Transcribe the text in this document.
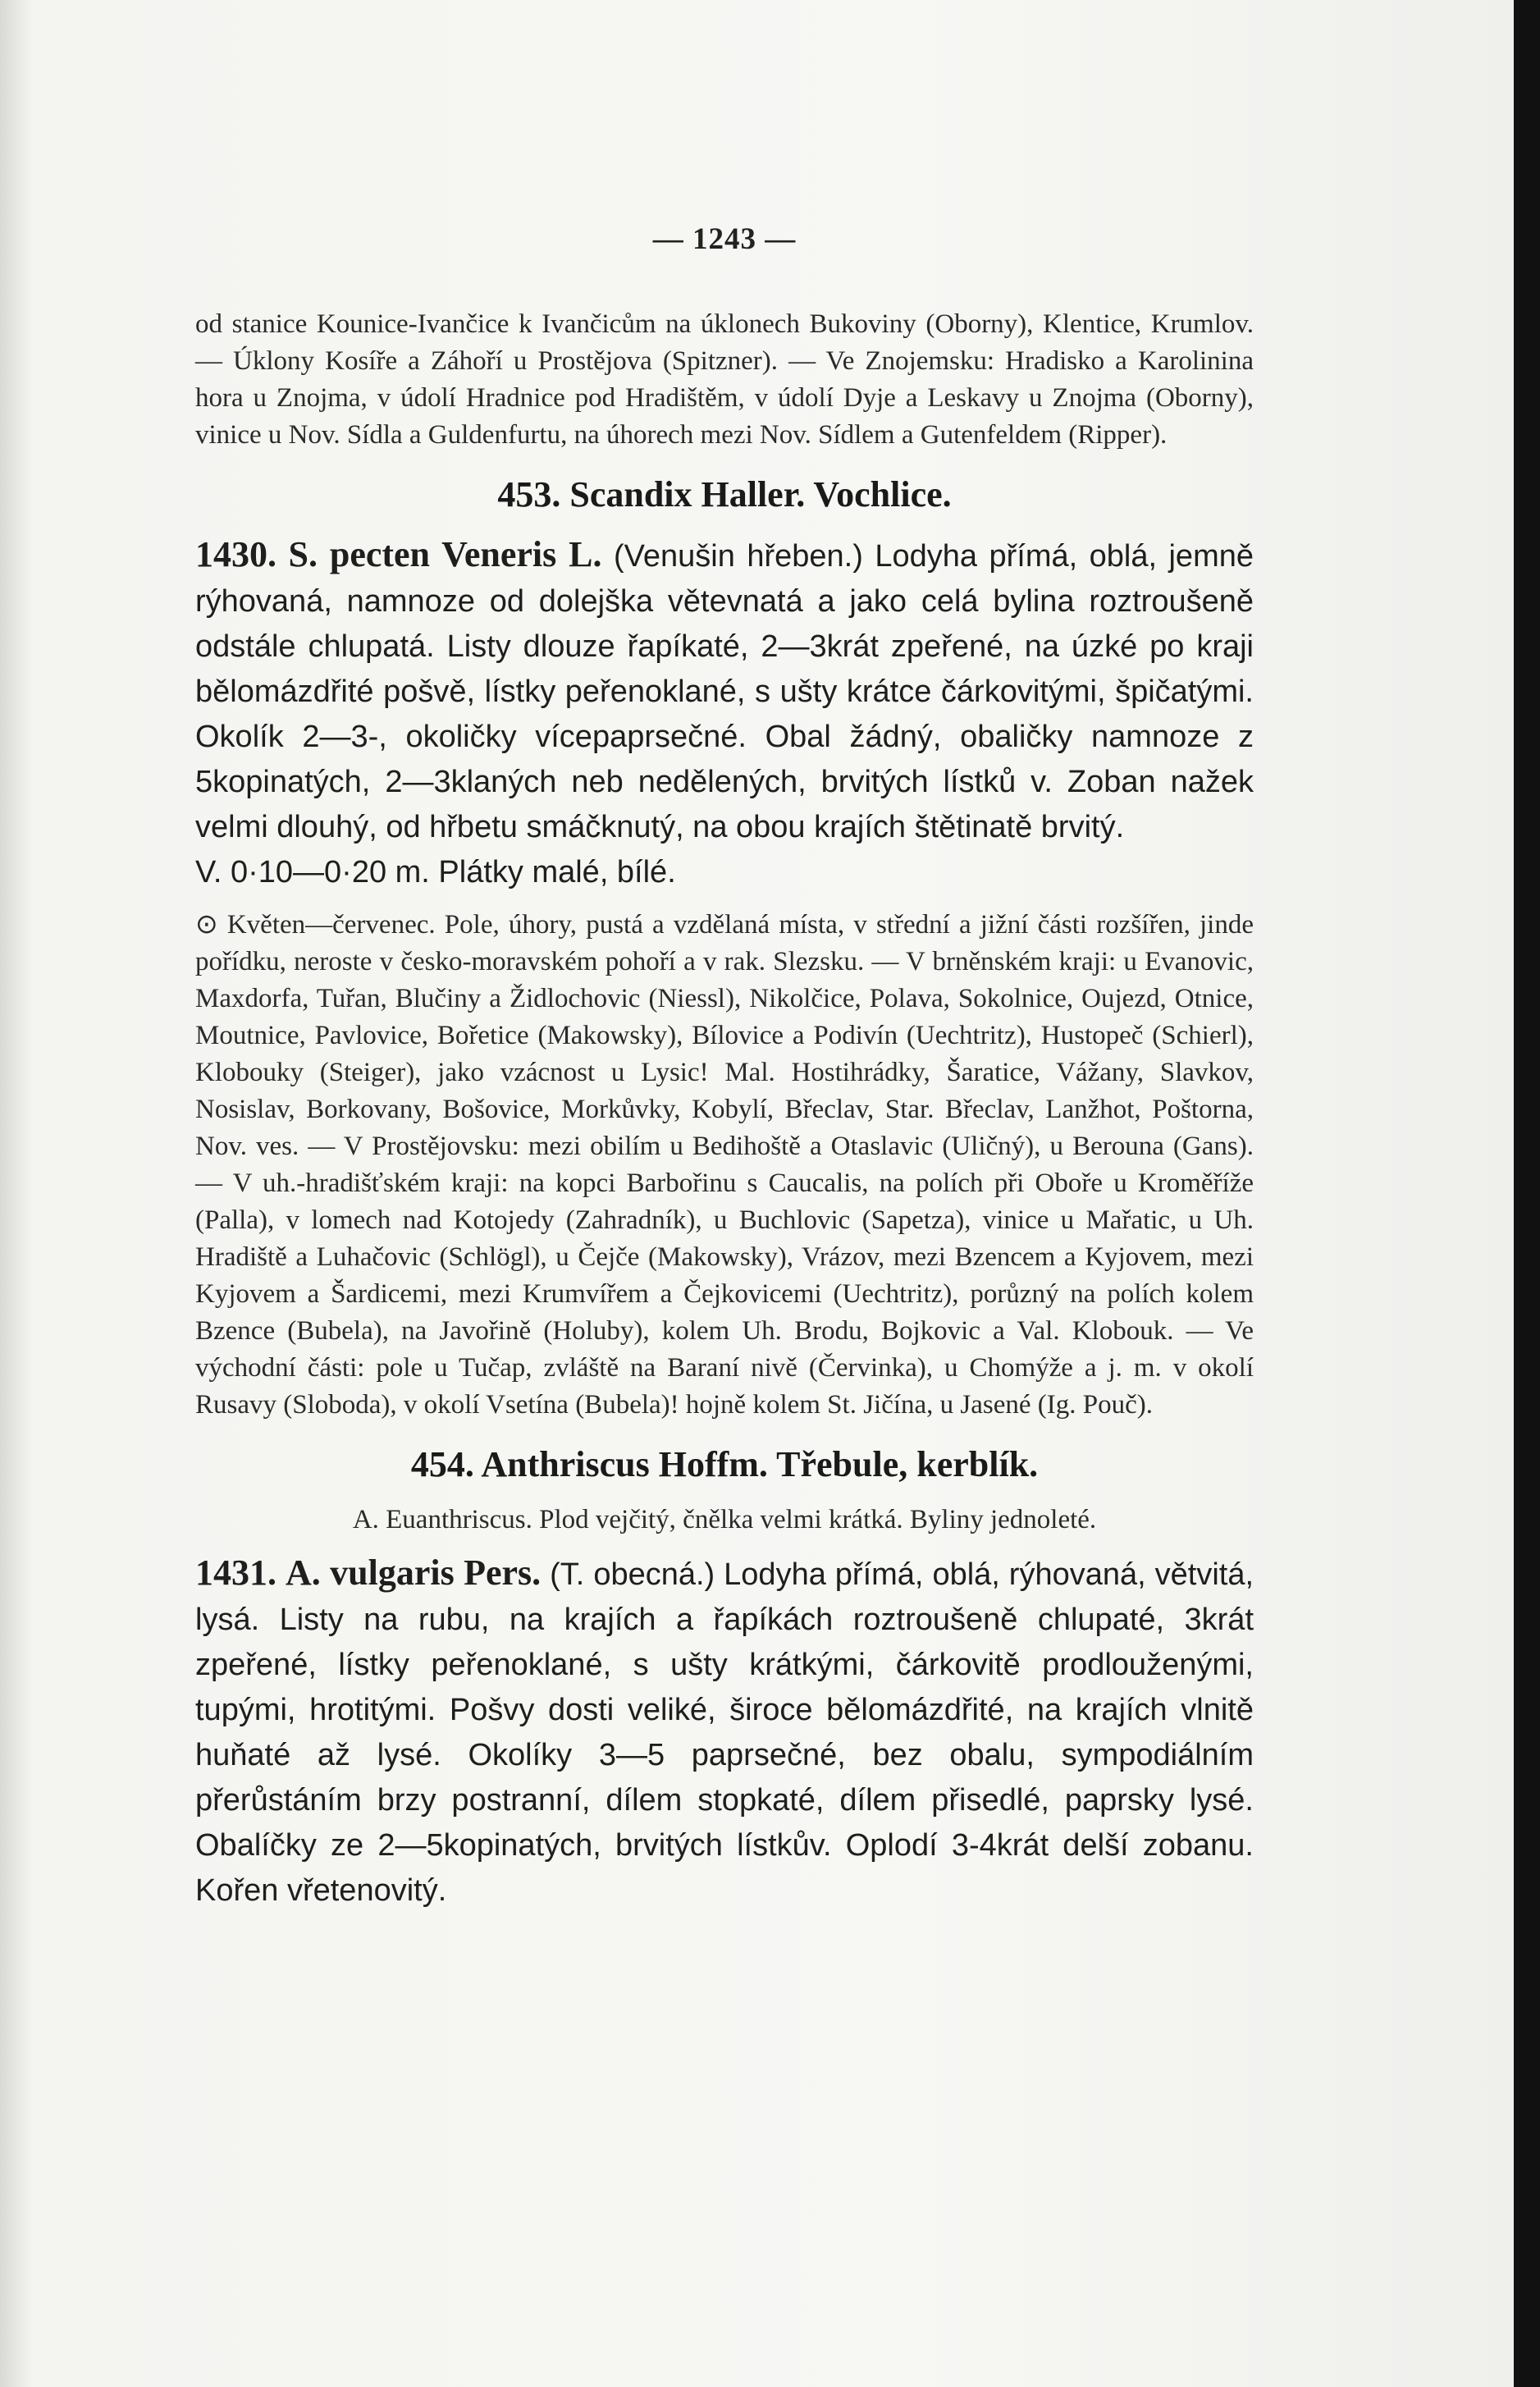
— 1243 —

od stanice Kounice-Ivančice k Ivančicům na úklonech Bukoviny (Oborny), Klentice, Krumlov. — Úklony Kosíře a Záhoří u Prostějova (Spitzner). — Ve Znojemsku: Hradisko a Karolinina hora u Znojma, v údolí Hradnice pod Hradištěm, v údolí Dyje a Leskavy u Znojma (Oborny), vinice u Nov. Sídla a Guldenfurtu, na úhorech mezi Nov. Sídlem a Gutenfeldem (Ripper).

453. Scandix Haller. Vochlice.

1430. S. pecten Veneris L. (Venušin hřeben.) Lodyha přímá, oblá, jemně rýhovaná, namnoze od dolejška větevnatá a jako celá bylina roztroušeně odstále chlupatá. Listy dlouze řapíkaté, 2—3krát zpeřené, na úzké po kraji bělomázdřité pošvě, lístky peřenoklané, s ušty krátce čárkovitými, špičatými. Okolík 2—3-, okoličky vícepaprsečné. Obal žádný, obaličky namnoze z 5kopinatých, 2—3klaných neb nedělených, brvitých lístků v. Zoban nažek velmi dlouhý, od hřbetu smáčknutý, na obou krajích štětinatě brvitý.

V. 0·10—0·20 m. Plátky malé, bílé.

⊙ Květen—červenec. Pole, úhory, pustá a vzdělaná místa, v střední a jižní části rozšířen, jinde pořídku, neroste v česko-moravském pohoří a v rak. Slezsku. — V brněnském kraji: u Evanovic, Maxdorfa, Tuřan, Blučiny a Židlochovic (Niessl), Nikolčice, Polava, Sokolnice, Oujezd, Otnice, Moutnice, Pavlovice, Bořetice (Makowsky), Bílovice a Podivín (Uechtritz), Hustopeč (Schierl), Klobouky (Steiger), jako vzácnost u Lysic! Mal. Hostihrádky, Šaratice, Vážany, Slavkov, Nosislav, Borkovany, Bošovice, Morkůvky, Kobylí, Břeclav, Star. Břeclav, Lanžhot, Poštorna, Nov. ves. — V Prostějovsku: mezi obilím u Bedihoště a Otaslavic (Uličný), u Berouna (Gans). — V uh.-hradišťském kraji: na kopci Barbořinu s Caucalis, na polích při Oboře u Kroměříže (Palla), v lomech nad Kotojedy (Zahradník), u Buchlovic (Sapetza), vinice u Mařatic, u Uh. Hradiště a Luhačovic (Schlögl), u Čejče (Makowsky), Vrázov, mezi Bzencem a Kyjovem, mezi Kyjovem a Šardicemi, mezi Krumvířem a Čejkovicemi (Uechtritz), porůzný na polích kolem Bzence (Bubela), na Javořině (Holuby), kolem Uh. Brodu, Bojkovic a Val. Klobouk. — Ve východní části: pole u Tučap, zvláště na Baraní nivě (Červinka), u Chomýže a j. m. v okolí Rusavy (Sloboda), v okolí Vsetína (Bubela)! hojně kolem St. Jičína, u Jasené (Ig. Pouč).

454. Anthriscus Hoffm. Třebule, kerblík.

A. Euanthriscus. Plod vejčitý, čnělka velmi krátká. Byliny jednoleté.

1431. A. vulgaris Pers. (T. obecná.) Lodyha přímá, oblá, rýhovaná, větvitá, lysá. Listy na rubu, na krajích a řapíkách roztroušeně chlupaté, 3krát zpeřené, lístky peřenoklané, s ušty krátkými, čárkovitě prodlouženými, tupými, hrotitými. Pošvy dosti veliké, široce bělomázdřité, na krajích vlnitě huňaté až lysé. Okolíky 3—5 paprsečné, bez obalu, sympodiálním přerůstáním brzy postranní, dílem stopkaté, dílem přisedlé, paprsky lysé. Obalíčky ze 2—5kopinatých, brvitých lístkův. Oplodí 3-4krát delší zobanu. Kořen vřetenovitý.
